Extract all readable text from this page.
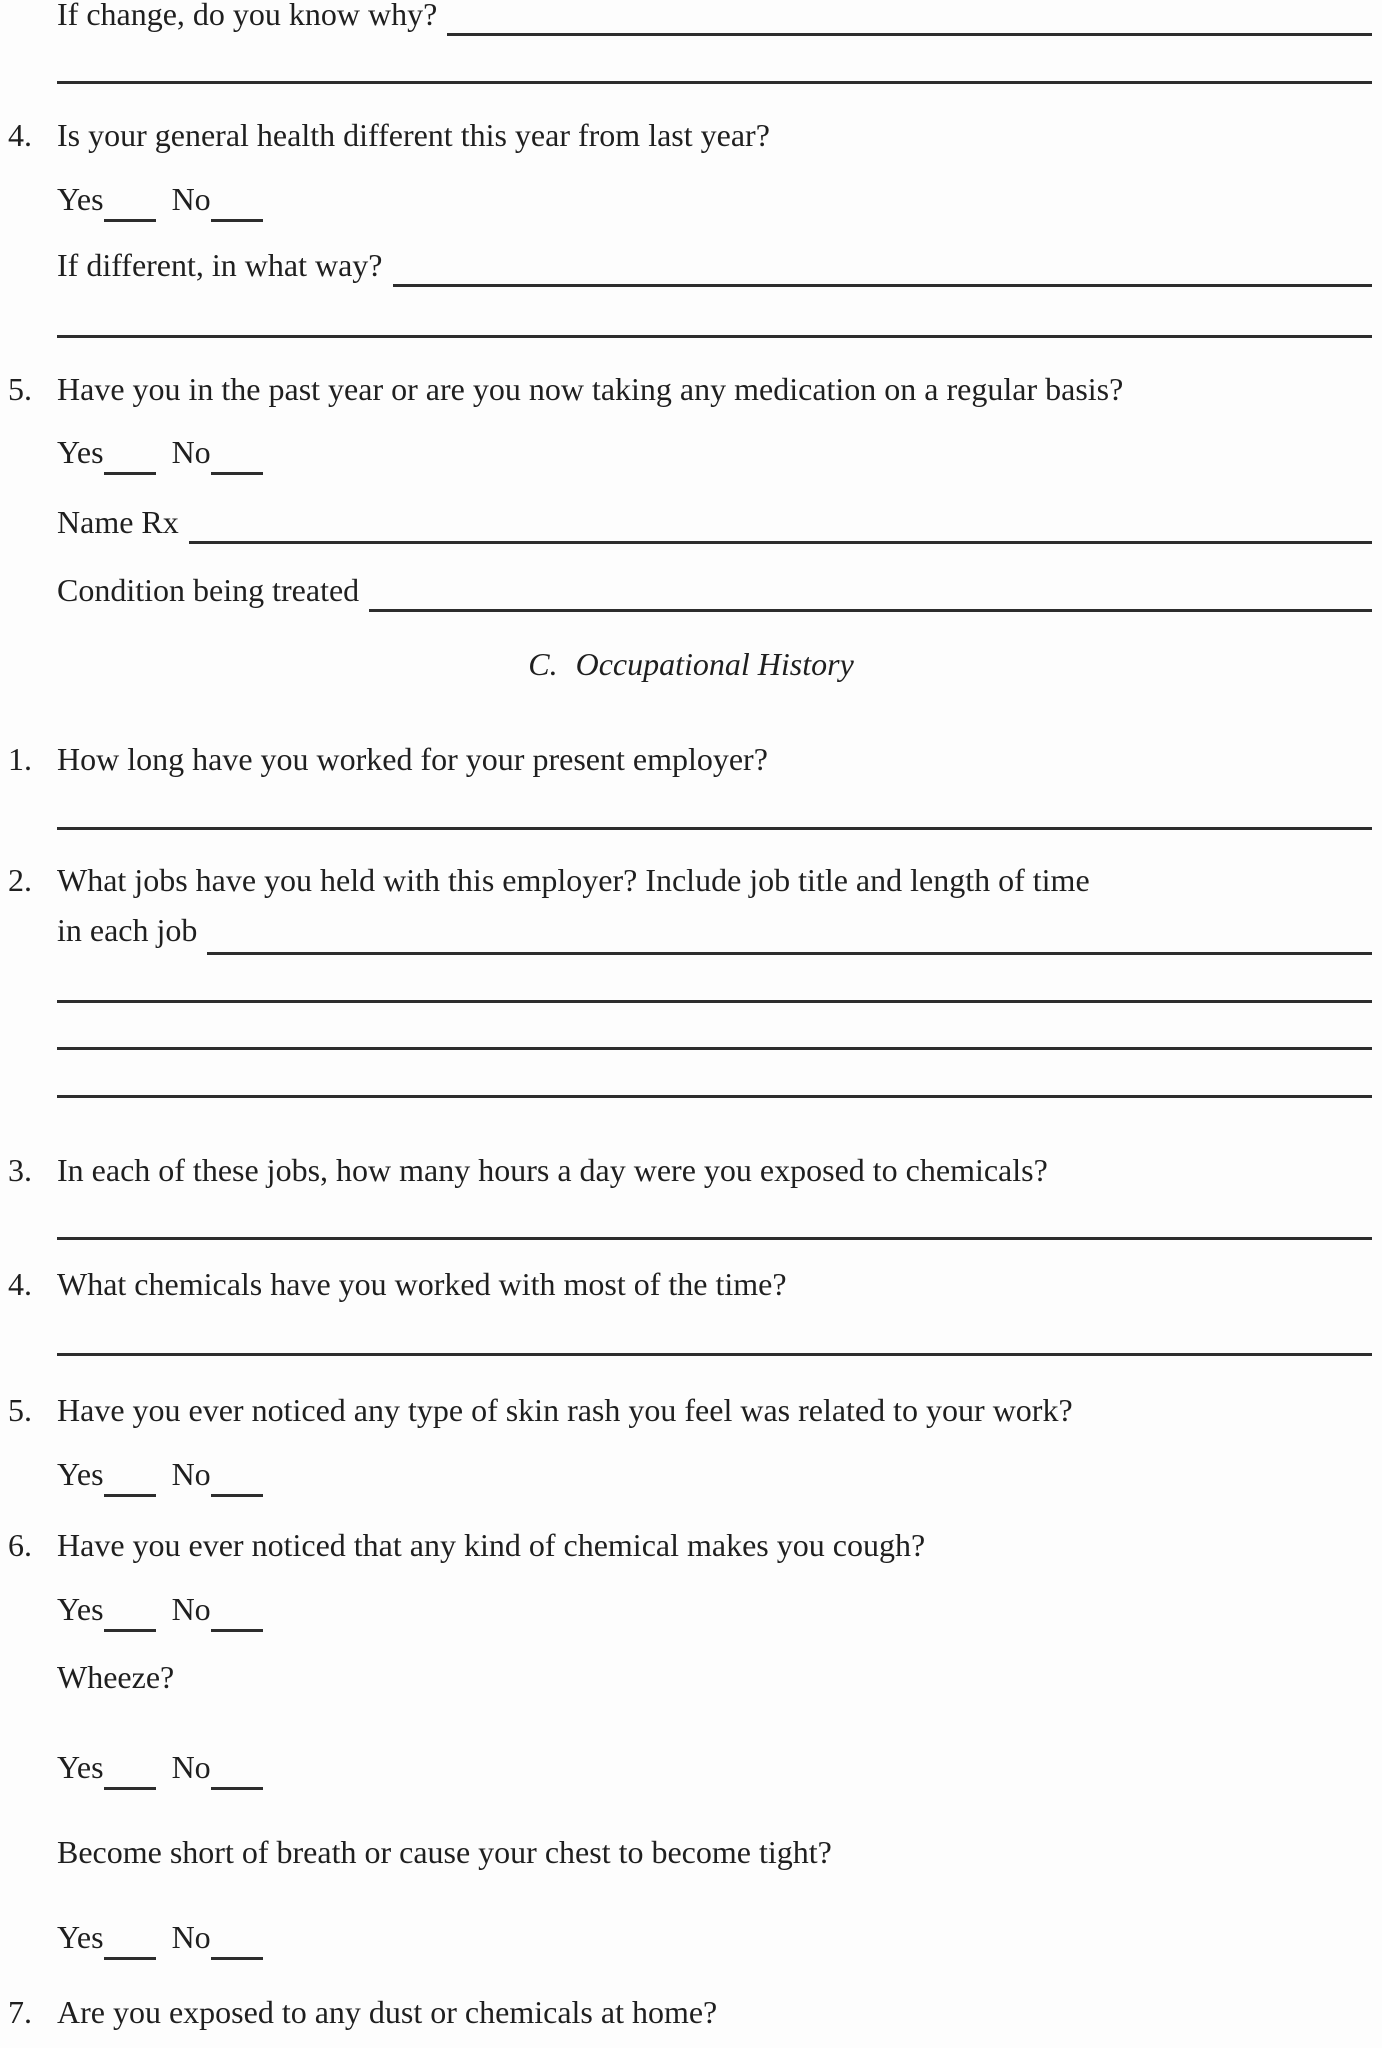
If change, do you know why?
4. Is your general health different this year from last year?
Yes No
If different, in what way?
5. Have you in the past year or are you now taking any medication on a regular basis?
Yes No
Name Rx
Condition being treated
C. Occupational History
1. How long have you worked for your present employer?
2. What jobs have you held with this employer? Include job title and length of time
in each job
3. In each of these jobs, how many hours a day were you exposed to chemicals?
4. What chemicals have you worked with most of the time?
5. Have you ever noticed any type of skin rash you feel was related to your work?
Yes No
6. Have you ever noticed that any kind of chemical makes you cough?
Yes No
Wheeze?
Yes No
Become short of breath or cause your chest to become tight?
Yes No
7. Are you exposed to any dust or chemicals at home?
